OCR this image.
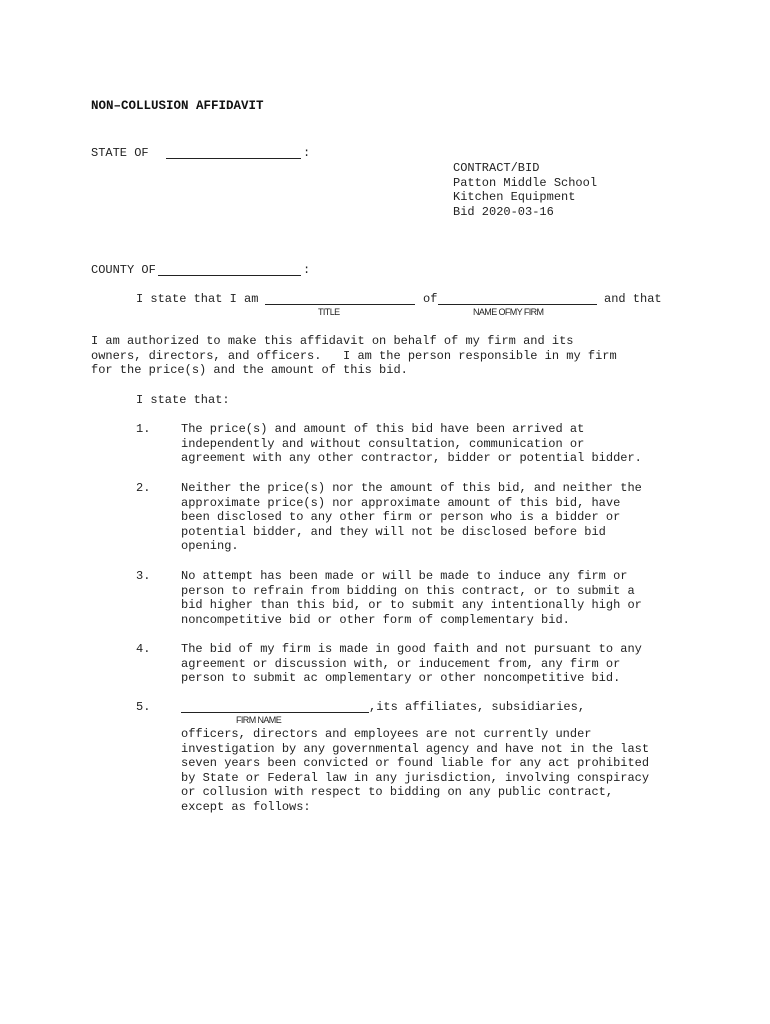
NON–COLLUSION AFFIDAVIT
STATE OF	:
CONTRACT/BID
Patton Middle School
Kitchen Equipment
Bid 2020-03-16
COUNTY OF	:
I state that I am	of	and that
TITLE	NAME OFMY FIRM
I am authorized to make this affidavit on behalf of my firm and its
owners, directors, and officers.   I am the person responsible in my firm
for the price(s) and the amount of this bid.
I state that:
1.	The price(s) and amount of this bid have been arrived at
independently and without consultation, communication or
agreement with any other contractor, bidder or potential bidder.
2.	Neither the price(s) nor the amount of this bid, and neither the
approximate price(s) nor approximate amount of this bid, have
been disclosed to any other firm or person who is a bidder or
potential bidder, and they will not be disclosed before bid
opening.
3.	No attempt has been made or will be made to induce any firm or
person to refrain from bidding on this contract, or to submit a
bid higher than this bid, or to submit any intentionally high or
noncompetitive bid or other form of complementary bid.
4.	The bid of my firm is made in good faith and not pursuant to any
agreement or discussion with, or inducement from, any firm or
person to submit ac omplementary or other noncompetitive bid.
5.	,its affiliates, subsidiaries,
FIRM NAME
officers, directors and employees are not currently under
investigation by any governmental agency and have not in the last
seven years been convicted or found liable for any act prohibited
by State or Federal law in any jurisdiction, involving conspiracy
or collusion with respect to bidding on any public contract,
except as follows:
